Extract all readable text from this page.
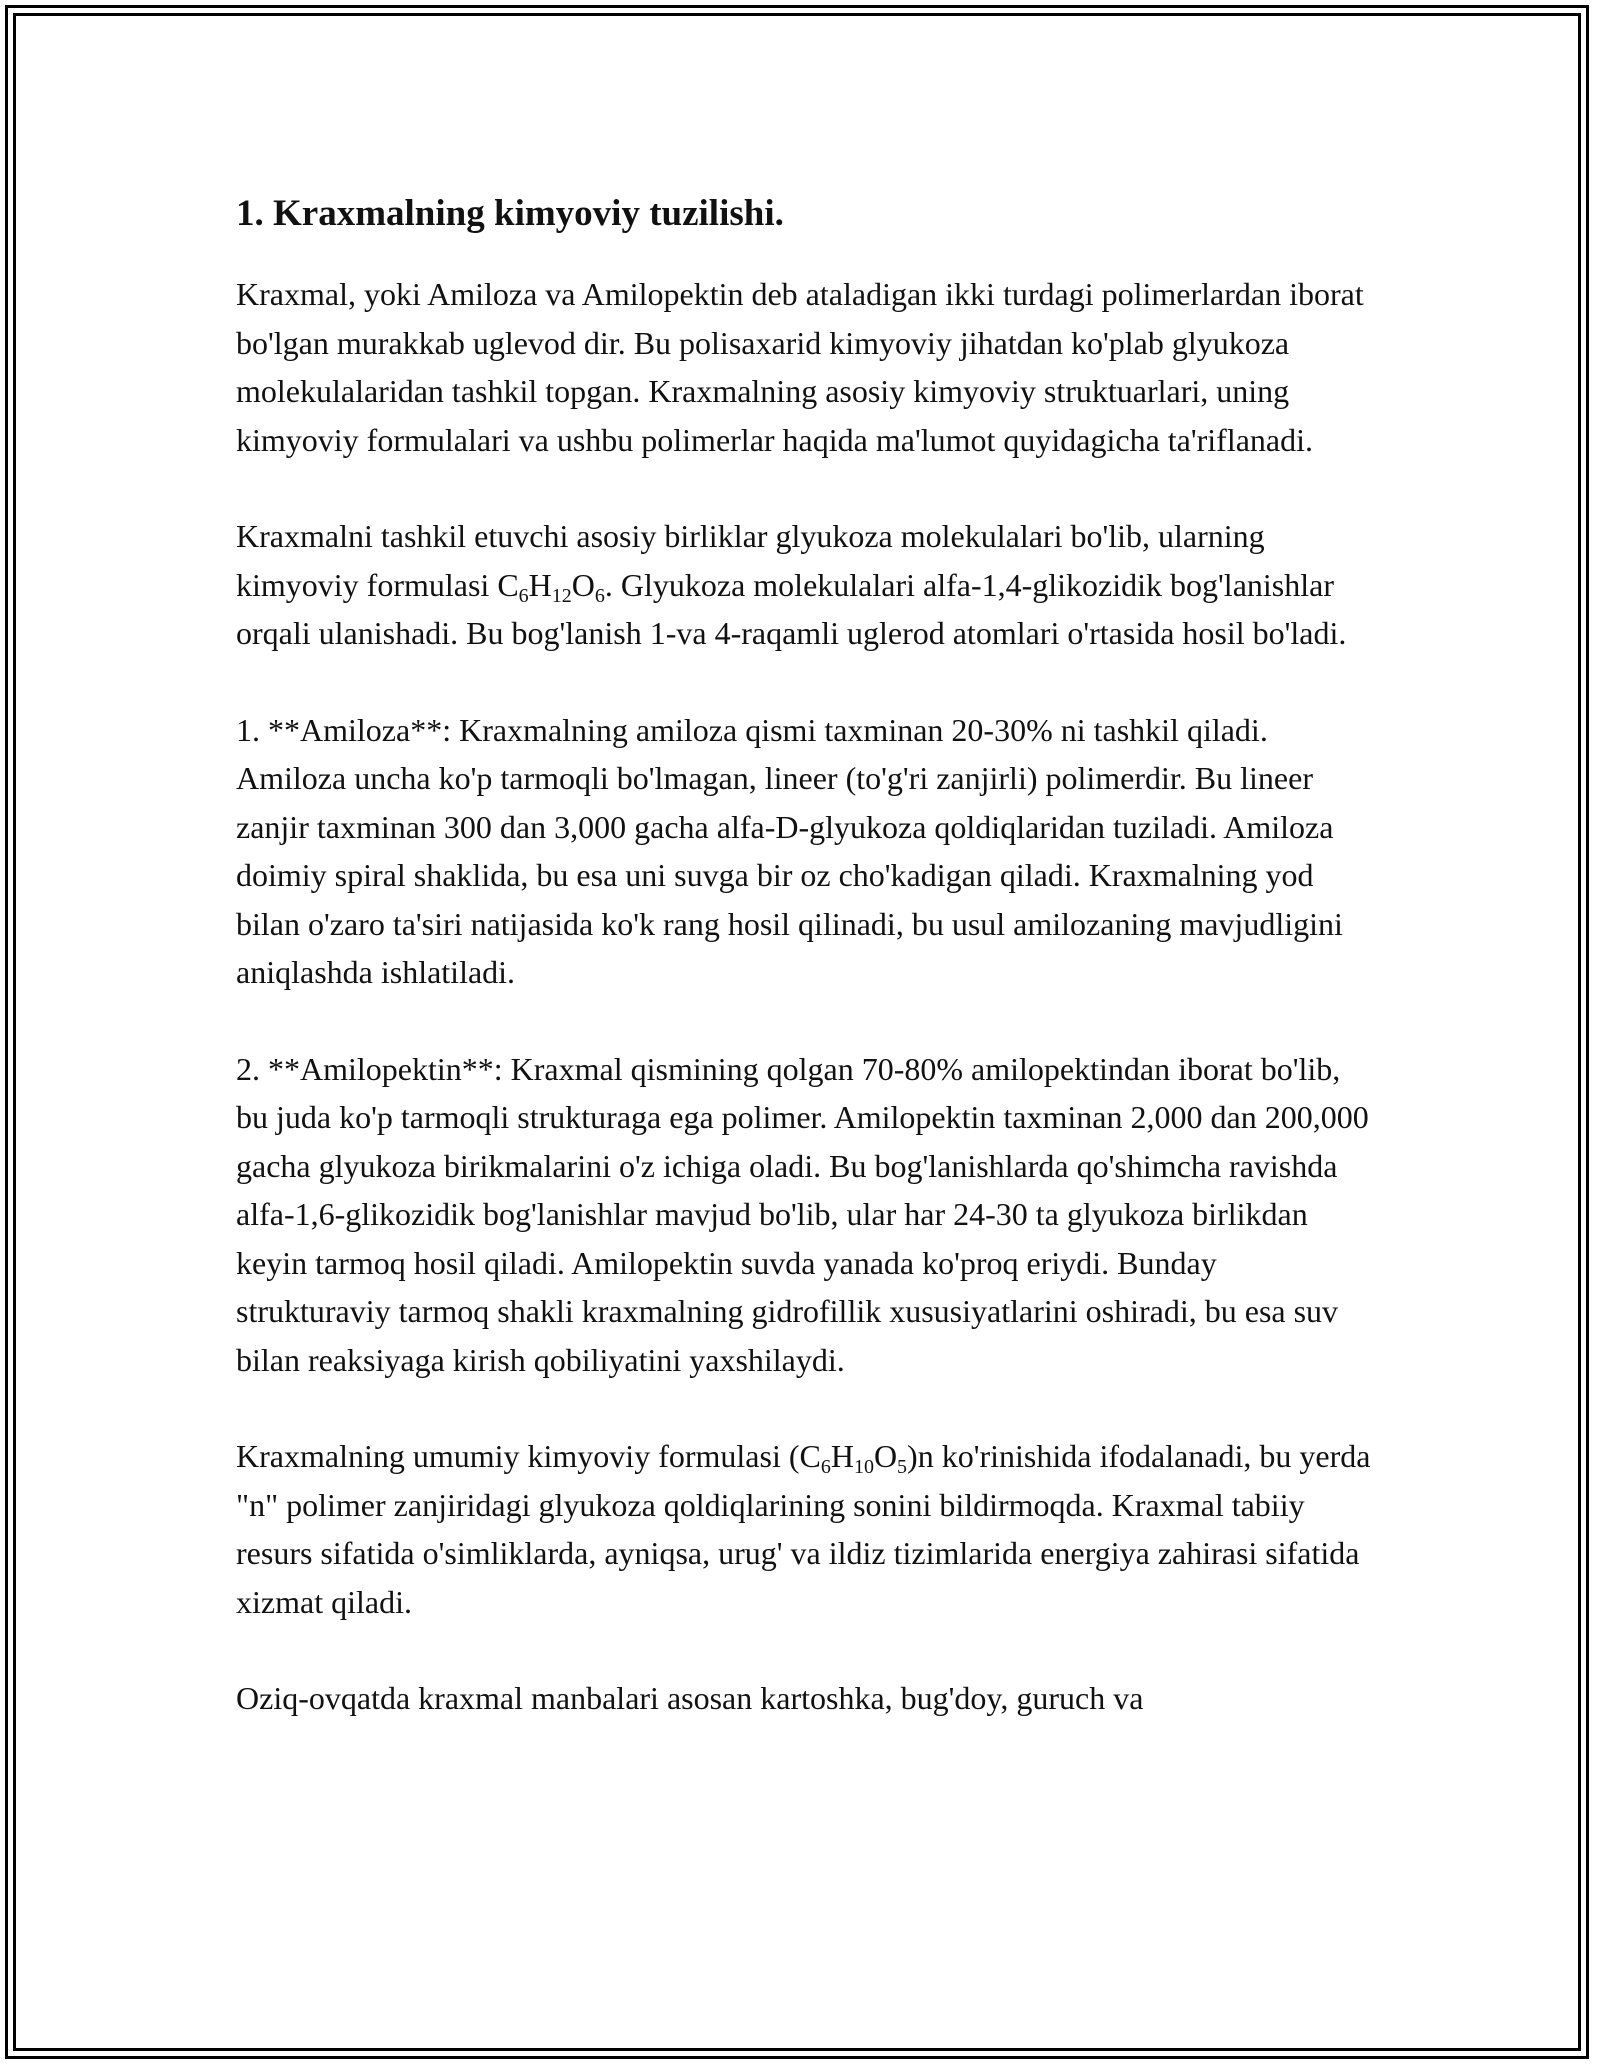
1. Kraxmalning kimyoviy tuzilishi.

Kraxmal, yoki Amiloza va Amilopektin deb ataladigan ikki turdagi polimerlardan iborat bo'lgan murakkab uglevod dir. Bu polisaxarid kimyoviy jihatdan ko'plab glyukoza molekulalaridan tashkil topgan. Kraxmalning asosiy kimyoviy struktuarlari, uning kimyoviy formulalari va ushbu polimerlar haqida ma'lumot quyidagicha ta'riflanadi.

Kraxmalni tashkil etuvchi asosiy birliklar glyukoza molekulalari bo'lib, ularning kimyoviy formulasi $C_6H_{12}O_6$. Glyukoza molekulalari alfa-1,4-glikozidik bog'lanishlar orqali ulanishadi. Bu bog'lanish 1-va 4-raqamli uglerod atomlari o'rtasida hosil bo'ladi.

1. **Amiloza**: Kraxmalning amiloza qismi taxminan 20-30% ni tashkil qiladi. Amiloza uncha ko'p tarmoqli bo'lmagan, lineer (to'g'ri zanjirli) polimerdir. Bu lineer zanjir taxminan 300 dan 3,000 gacha alfa-D-glyukoza qoldiqlaridan tuziladi. Amiloza doimiy spiral shaklida, bu esa uni suvga bir oz cho'kadigan qiladi. Kraxmalning yod bilan o'zaro ta'siri natijasida ko'k rang hosil qilinadi, bu usul amilozaning mavjudligini aniqlashda ishlatiladi.

2. **Amilopektin**: Kraxmal qismining qolgan 70-80% amilopektindan iborat bo'lib, bu juda ko'p tarmoqli strukturaga ega polimer. Amilopektin taxminan 2,000 dan 200,000 gacha glyukoza birikmalarini o'z ichiga oladi. Bu bog'lanishlarda qo'shimcha ravishda alfa-1,6-glikozidik bog'lanishlar mavjud bo'lib, ular har 24-30 ta glyukoza birlikdan keyin tarmoq hosil qiladi. Amilopektin suvda yanada ko'proq eriydi. Bunday strukturaviy tarmoq shakli kraxmalning gidrofillik xususiyatlarini oshiradi, bu esa suv bilan reaksiyaga kirish qobiliyatini yaxshilaydi.

Kraxmalning umumiy kimyoviy formulasi $(C_6H_{10}O_5)n$ ko'rinishida ifodalanadi, bu yerda "n" polimer zanjiridagi glyukoza qoldiqlarining sonini bildirmoqda. Kraxmal tabiiy resurs sifatida o'simliklarda, ayniqsa, urug' va ildiz tizimlarida energiya zahirasi sifatida xizmat qiladi.

Oziq-ovqatda kraxmal manbalari asosan kartoshka, bug'doy, guruch va
